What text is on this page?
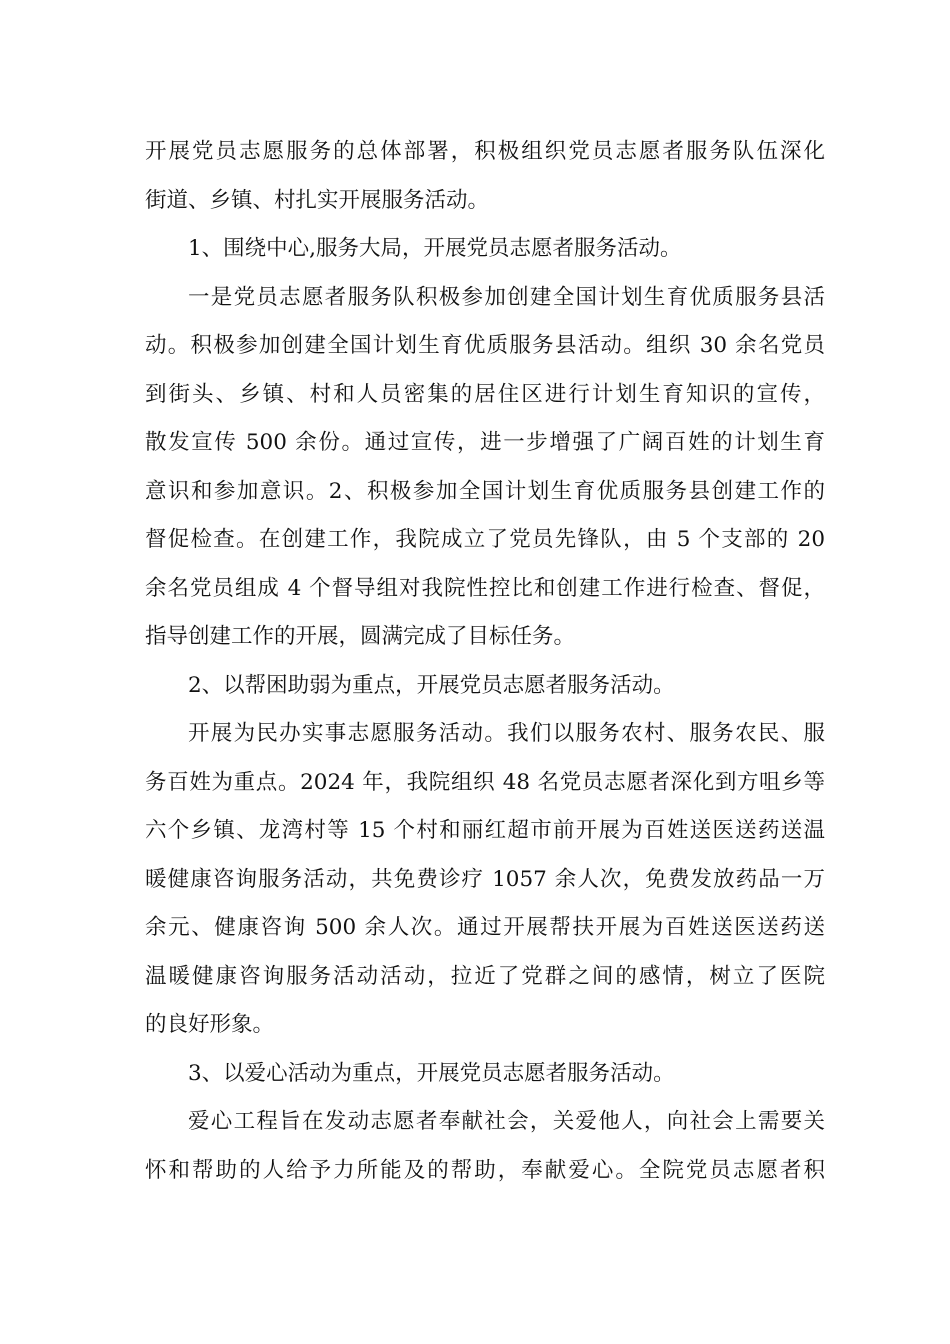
开展党员志愿服务的总体部署，积极组织党员志愿者服务队伍深化
街道、乡镇、村扎实开展服务活动。
1、围绕中心,服务大局，开展党员志愿者服务活动。
一是党员志愿者服务队积极参加创建全国计划生育优质服务县活
动。积极参加创建全国计划生育优质服务县活动。组织 30 余名党员
到街头、乡镇、村和人员密集的居住区进行计划生育知识的宣传，
散发宣传 500 余份。通过宣传，进一步增强了广阔百姓的计划生育
意识和参加意识。2、积极参加全国计划生育优质服务县创建工作的
督促检查。在创建工作，我院成立了党员先锋队，由 5 个支部的 20
余名党员组成 4 个督导组对我院性控比和创建工作进行检查、督促，
指导创建工作的开展，圆满完成了目标任务。
2、以帮困助弱为重点，开展党员志愿者服务活动。
开展为民办实事志愿服务活动。我们以服务农村、服务农民、服
务百姓为重点。2024 年，我院组织 48 名党员志愿者深化到方咀乡等
六个乡镇、龙湾村等 15 个村和丽红超市前开展为百姓送医送药送温
暖健康咨询服务活动，共免费诊疗 1057 余人次，免费发放药品一万
余元、健康咨询 500 余人次。通过开展帮扶开展为百姓送医送药送
温暖健康咨询服务活动活动，拉近了党群之间的感情，树立了医院
的良好形象。
3、以爱心活动为重点，开展党员志愿者服务活动。
爱心工程旨在发动志愿者奉献社会，关爱他人，向社会上需要关
怀和帮助的人给予力所能及的帮助，奉献爱心。全院党员志愿者积
